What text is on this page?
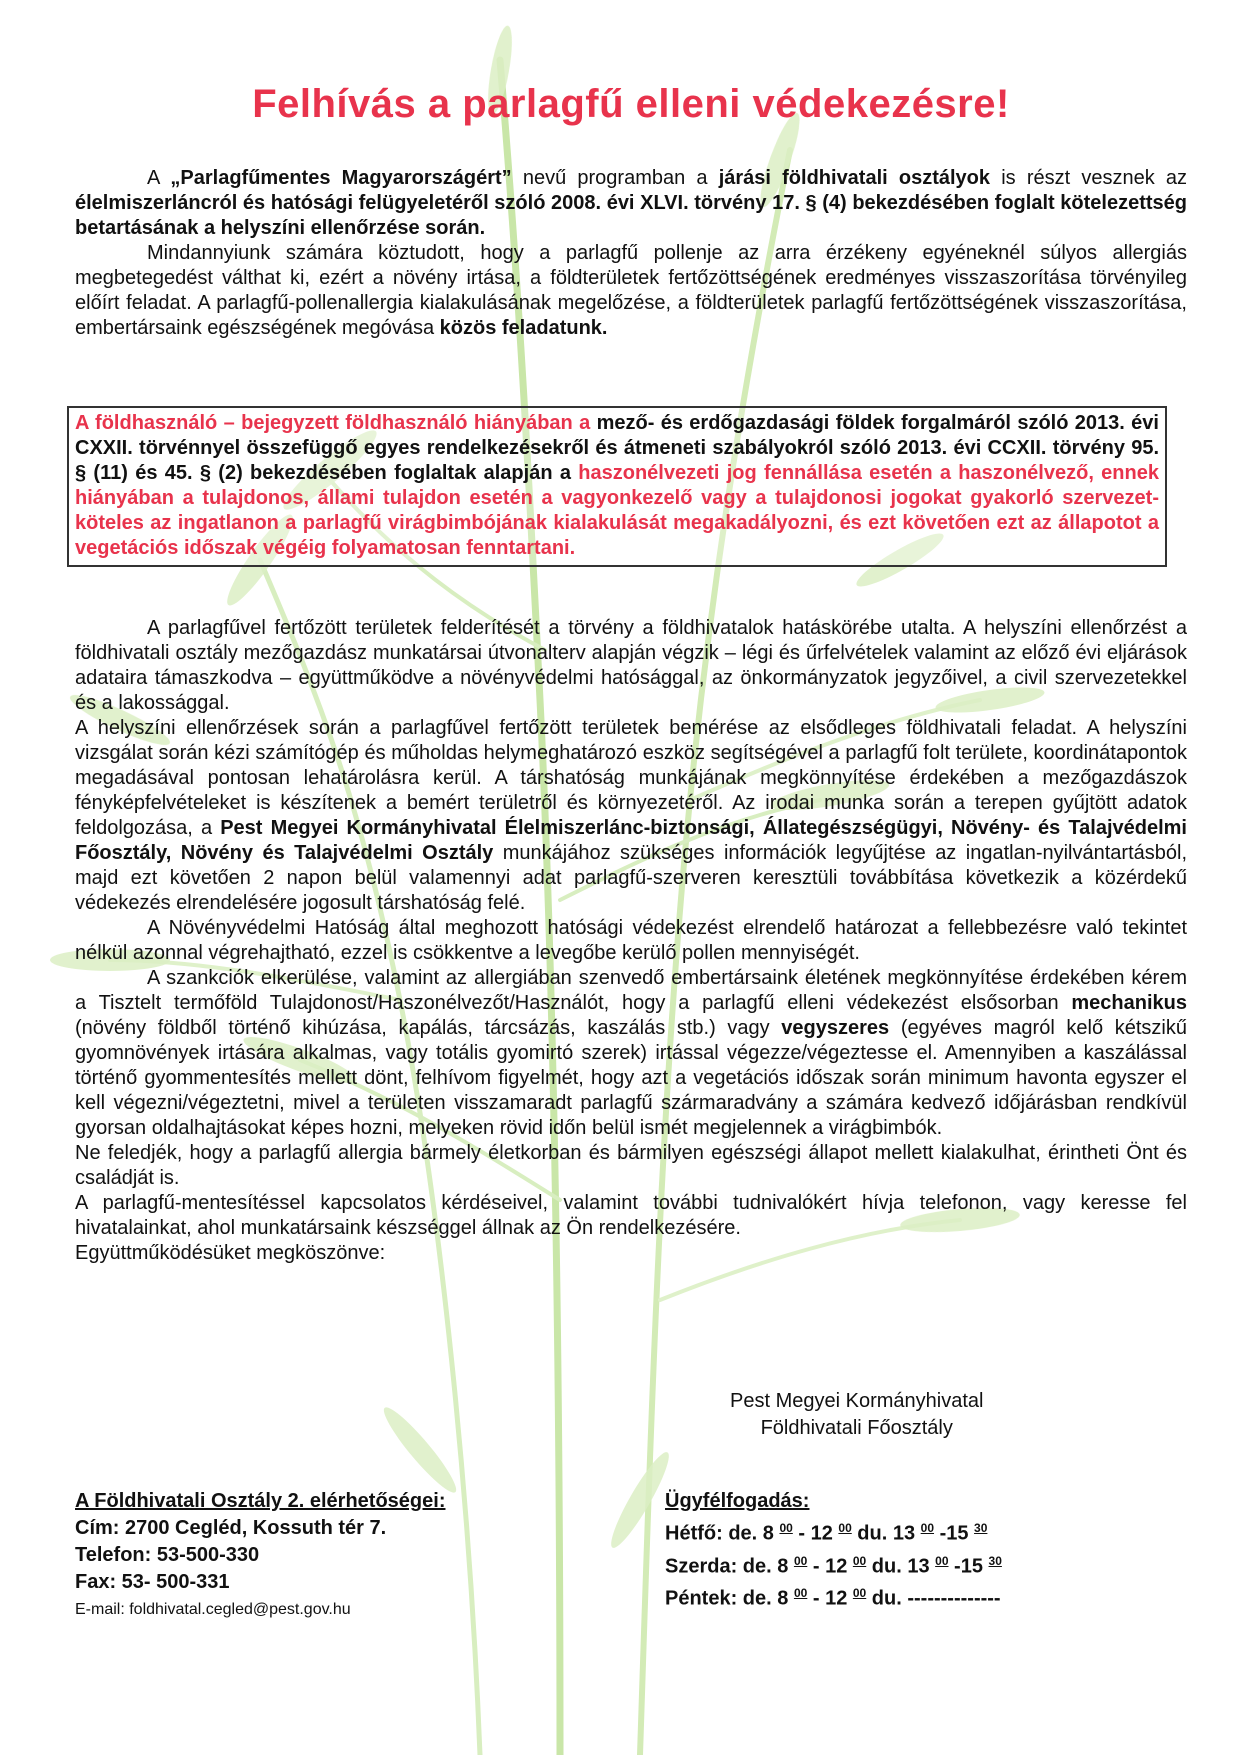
Felhívás a parlagfű elleni védekezésre!

A „Parlagfűmentes Magyarországért” nevű programban a járási földhivatali osztályok is részt vesznek az élelmiszerláncról és hatósági felügyeletéről szóló 2008. évi XLVI. törvény 17. § (4) bekezdésében foglalt kötelezettség betartásának a helyszíni ellenőrzése során.

Mindannyiunk számára köztudott, hogy a parlagfű pollenje az arra érzékeny egyéneknél súlyos allergiás megbetegedést válthat ki, ezért a növény irtása, a földterületek fertőzöttségének eredményes visszaszorítása törvényileg előírt feladat. A parlagfű-pollenallergia kialakulásának megelőzése, a földterületek parlagfű fertőzöttségének visszaszorítása, embertársaink egészségének megóvása közös feladatunk.

A földhasználó – bejegyzett földhasználó hiányában a mező- és erdőgazdasági földek forgalmáról szóló 2013. évi CXXII. törvénnyel összefüggő egyes rendelkezésekről és átmeneti szabályokról szóló 2013. évi CCXII. törvény 95. § (11) és 45. § (2) bekezdésében foglaltak alapján a haszonélvezeti jog fennállása esetén a haszonélvező, ennek hiányában a tulajdonos, állami tulajdon esetén a vagyonkezelő vagy a tulajdonosi jogokat gyakorló szervezet- köteles az ingatlanon a parlagfű virágbimbójának kialakulását megakadályozni, és ezt követően ezt az állapotot a vegetációs időszak végéig folyamatosan fenntartani.

A parlagfűvel fertőzött területek felderítését a törvény a földhivatalok hatáskörébe utalta. A helyszíni ellenőrzést a földhivatali osztály mezőgazdász munkatársai útvonalterv alapján végzik – légi és űrfelvételek valamint az előző évi eljárások adataira támaszkodva – együttműködve a növényvédelmi hatósággal, az önkormányzatok jegyzőivel, a civil szervezetekkel és a lakossággal.

A helyszíni ellenőrzések során a parlagfűvel fertőzött területek bemérése az elsődleges földhivatali feladat. A helyszíni vizsgálat során kézi számítógép és műholdas helymeghatározó eszköz segítségével a parlagfű folt területe, koordinátapontok megadásával pontosan lehatárolásra kerül. A társhatóság munkájának megkönnyítése érdekében a mezőgazdászok fényképfelvételeket is készítenek a bemért területről és környezetéről. Az irodai munka során a terepen gyűjtött adatok feldolgozása, a Pest Megyei Kormányhivatal Élelmiszerlánc-biztonsági, Állategészségügyi, Növény- és Talajvédelmi Főosztály, Növény és Talajvédelmi Osztály munkájához szükséges információk legyűjtése az ingatlan-nyilvántartásból, majd ezt követően 2 napon belül valamennyi adat parlagfű-szerveren keresztüli továbbítása következik a közérdekű védekezés elrendelésére jogosult társhatóság felé.

A Növényvédelmi Hatóság által meghozott hatósági védekezést elrendelő határozat a fellebbezésre való tekintet nélkül azonnal végrehajtható, ezzel is csökkentve a levegőbe kerülő pollen mennyiségét.

A szankciók elkerülése, valamint az allergiában szenvedő embertársaink életének megkönnyítése érdekében kérem a Tisztelt termőföld Tulajdonost/Haszonélvezőt/Használót, hogy a parlagfű elleni védekezést elsősorban mechanikus (növény földből történő kihúzása, kapálás, tárcsázás, kaszálás stb.) vagy vegyszeres (egyéves magról kelő kétszikű gyomnövények irtására alkalmas, vagy totális gyomirtó szerek) irtással végezze/végeztesse el. Amennyiben a kaszálással történő gyommentesítés mellett dönt, felhívom figyelmét, hogy azt a vegetációs időszak során minimum havonta egyszer el kell végezni/végeztetni, mivel a területen visszamaradt parlagfű szármaradvány a számára kedvező időjárásban rendkívül gyorsan oldalhajtásokat képes hozni, melyeken rövid időn belül ismét megjelennek a virágbimbók.

Ne feledjék, hogy a parlagfű allergia bármely életkorban és bármilyen egészségi állapot mellett kialakulhat, érintheti Önt és családját is.

A parlagfű-mentesítéssel kapcsolatos kérdéseivel, valamint további tudnivalókért hívja telefonon, vagy keresse fel hivatalainkat, ahol munkatársaink készséggel állnak az Ön rendelkezésére.

Együttműködésüket megköszönve:

Pest Megyei Kormányhivatal
Földhivatali Főosztály
A Földhivatali Osztály 2. elérhetőségei:
Cím: 2700 Cegléd, Kossuth tér 7.
Telefon: 53-500-330
Fax: 53- 500-331
E-mail: foldhivatal.cegled@pest.gov.hu
Ügyfélfogadás:
Hétfő: de. 8 $^{00}$ - 12 $^{00}$ du. 13 $^{00}$ -15 $^{30}$
Szerda: de. 8 $^{00}$ - 12 $^{00}$ du. 13 $^{00}$ -15 $^{30}$
Péntek: de. 8 $^{00}$ - 12 $^{00}$ du. --------------
